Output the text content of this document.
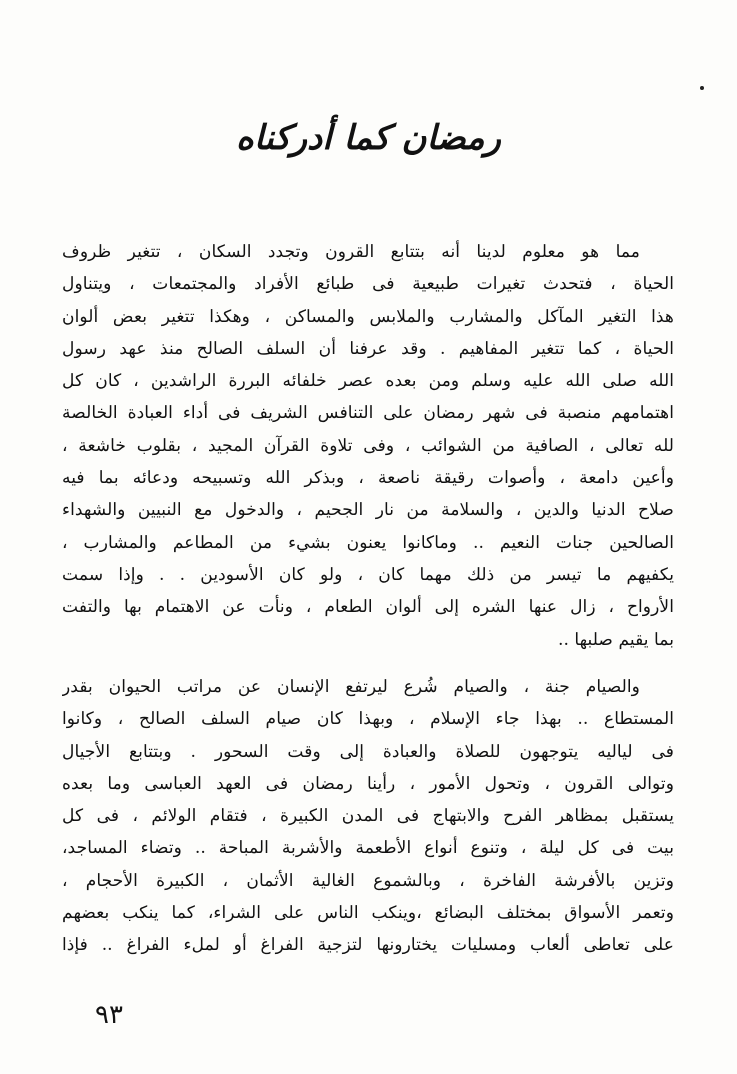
رمضان كما أدركناه
مما هو معلوم لدينا أنه بتتابع القرون وتجدد السكان ، تتغير ظروف
الحياة ، فتحدث تغيرات طبيعية فى طبائع الأفراد والمجتمعات ، ويتناول
هذا التغير المآكل والمشارب والملابس والمساكن ، وهكذا تتغير بعض ألوان
الحياة ، كما تتغير المفاهيم . وقد عرفنا أن السلف الصالح منذ عهد رسول
الله صلى الله عليه وسلم ومن بعده عصر خلفائه البررة الراشدين ، كان كل
اهتمامهم منصبة فى شهر رمضان على التنافس الشريف فى أداء العبادة الخالصة
لله تعالى ، الصافية من الشوائب ، وفى تلاوة القرآن المجيد ، بقلوب خاشعة ،
وأعين دامعة ، وأصوات رقيقة ناصعة ، وبذكر الله وتسبيحه ودعائه بما فيه
صلاح الدنيا والدين ، والسلامة من نار الجحيم ، والدخول مع النبيين والشهداء
الصالحين جنات النعيم .. وماكانوا يعنون بشيء من المطاعم والمشارب ،
يكفيهم ما تيسر من ذلك مهما كان ، ولو كان الأسودين . . وإذا سمت
الأرواح ، زال عنها الشره إلى ألوان الطعام ، ونأت عن الاهتمام بها والتفت
بما يقيم صلبها ..
والصيام جنة ، والصيام شُرع ليرتفع الإنسان عن مراتب الحيوان بقدر
المستطاع .. بهذا جاء الإسلام ، وبهذا كان صيام السلف الصالح ، وكانوا
فى لياليه يتوجهون للصلاة والعبادة إلى وقت السحور . وبتتابع الأجيال
وتوالى القرون ، وتحول الأمور ، رأينا رمضان فى العهد العباسى وما بعده
يستقبل بمظاهر الفرح والابتهاج فى المدن الكبيرة ، فتقام الولائم ، فى كل
بيت فى كل ليلة ، وتنوع أنواع الأطعمة والأشربة المباحة .. وتضاء المساجد،
وتزين بالأفرشة الفاخرة ، وبالشموع الغالية الأثمان ، الكبيرة الأحجام ،
وتعمر الأسواق بمختلف البضائع ،وينكب الناس على الشراء، كما ينكب بعضهم
على تعاطى ألعاب ومسليات يختارونها لتزجية الفراغ أو لملء الفراغ .. فإذا
٩٣
